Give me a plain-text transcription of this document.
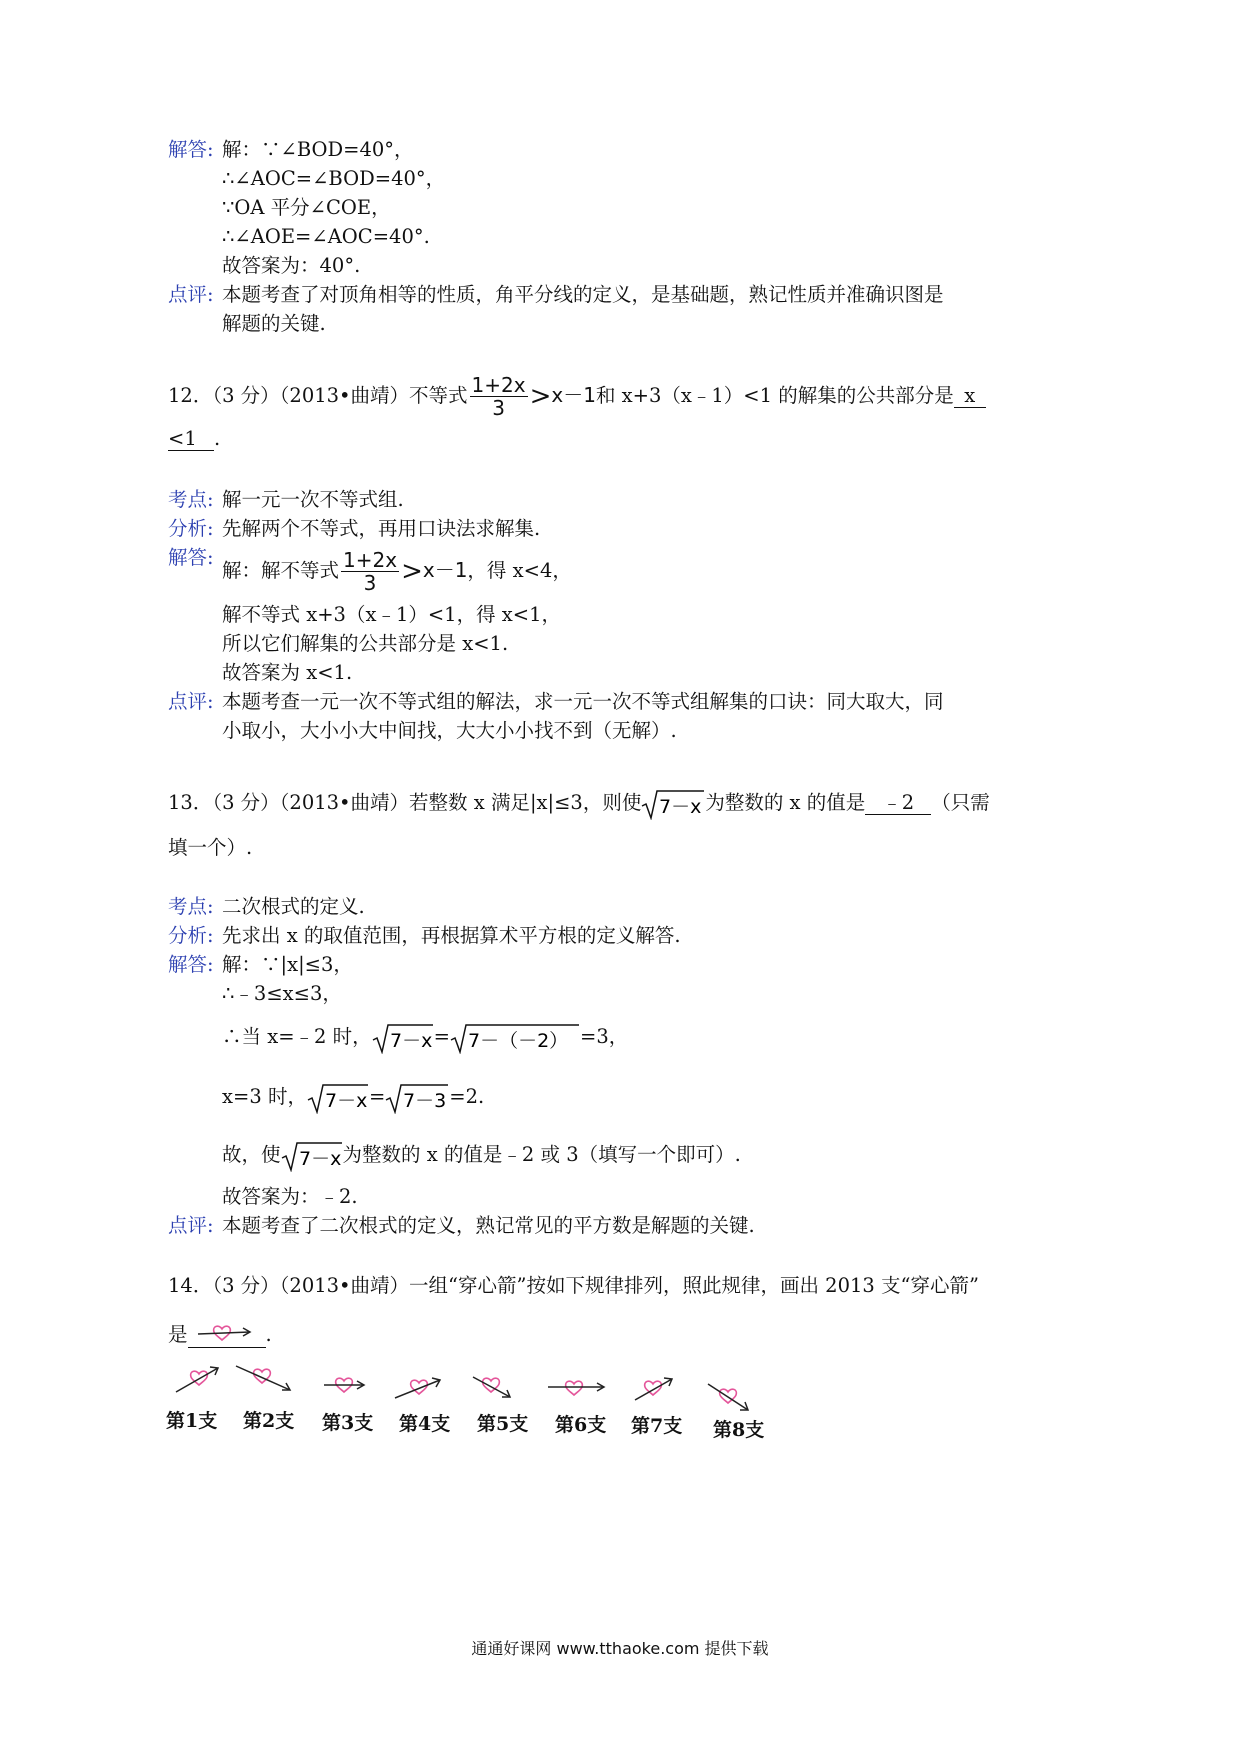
解答: 解：∵∠BOD=40°，
∴∠AOC=∠BOD=40°，
∵OA 平分∠COE，
∴∠AOE=∠AOC=40°.
故答案为：40°.
点评: 本题考查了对顶角相等的性质，角平分线的定义，是基础题，熟记性质并准确识图是
解题的关键.
12．（3 分）（2013•曲靖）不等式 $\frac{1+2x}{3} >x-1$和 x+3（x﹣1）<1 的解集的公共部分是 x
<1 .
考点: 解一元一次不等式组.
分析: 先解两个不等式，再用口诀法求解集.
解答:
解：解不等式 $\frac{1+2x}{3} >x-1$，得 x<4，
解不等式 x+3（x﹣1）<1，得 x<1，
所以它们解集的公共部分是 x<1.
故答案为 x<1.
点评: 本题考查一元一次不等式组的解法，求一元一次不等式组解集的口诀：同大取大，同
小取小，大小小大中间找，大大小小找不到（无解）.
13．（3 分）（2013•曲靖）若整数 x 满足|x|≤3，则使 7－x 为整数的 x 的值是 ﹣2 （只需
填一个）.
考点: 二次根式的定义.
分析: 先求出 x 的取值范围，再根据算术平方根的定义解答.
解答: 解：∵|x|≤3，
∴﹣3≤x≤3，
∴当 x=﹣2 时， 7－x = 7－（－2） =3，
x=3 时， 7－x = 7－3 =2.
故，使 7－x 为整数的 x 的值是﹣2 或 3（填写一个即可）.
故答案为：﹣2.
点评: 本题考查了二次根式的定义，熟记常见的平方数是解题的关键.
14．（3 分）（2013•曲靖）一组“穿心箭”按如下规律排列，照此规律，画出 2013 支“穿心箭”
是	.
第1支 第2支 第3支 第4支 第5支 第6支 第7支 第8支
通通好课网 www.tthaoke.com 提供下载
